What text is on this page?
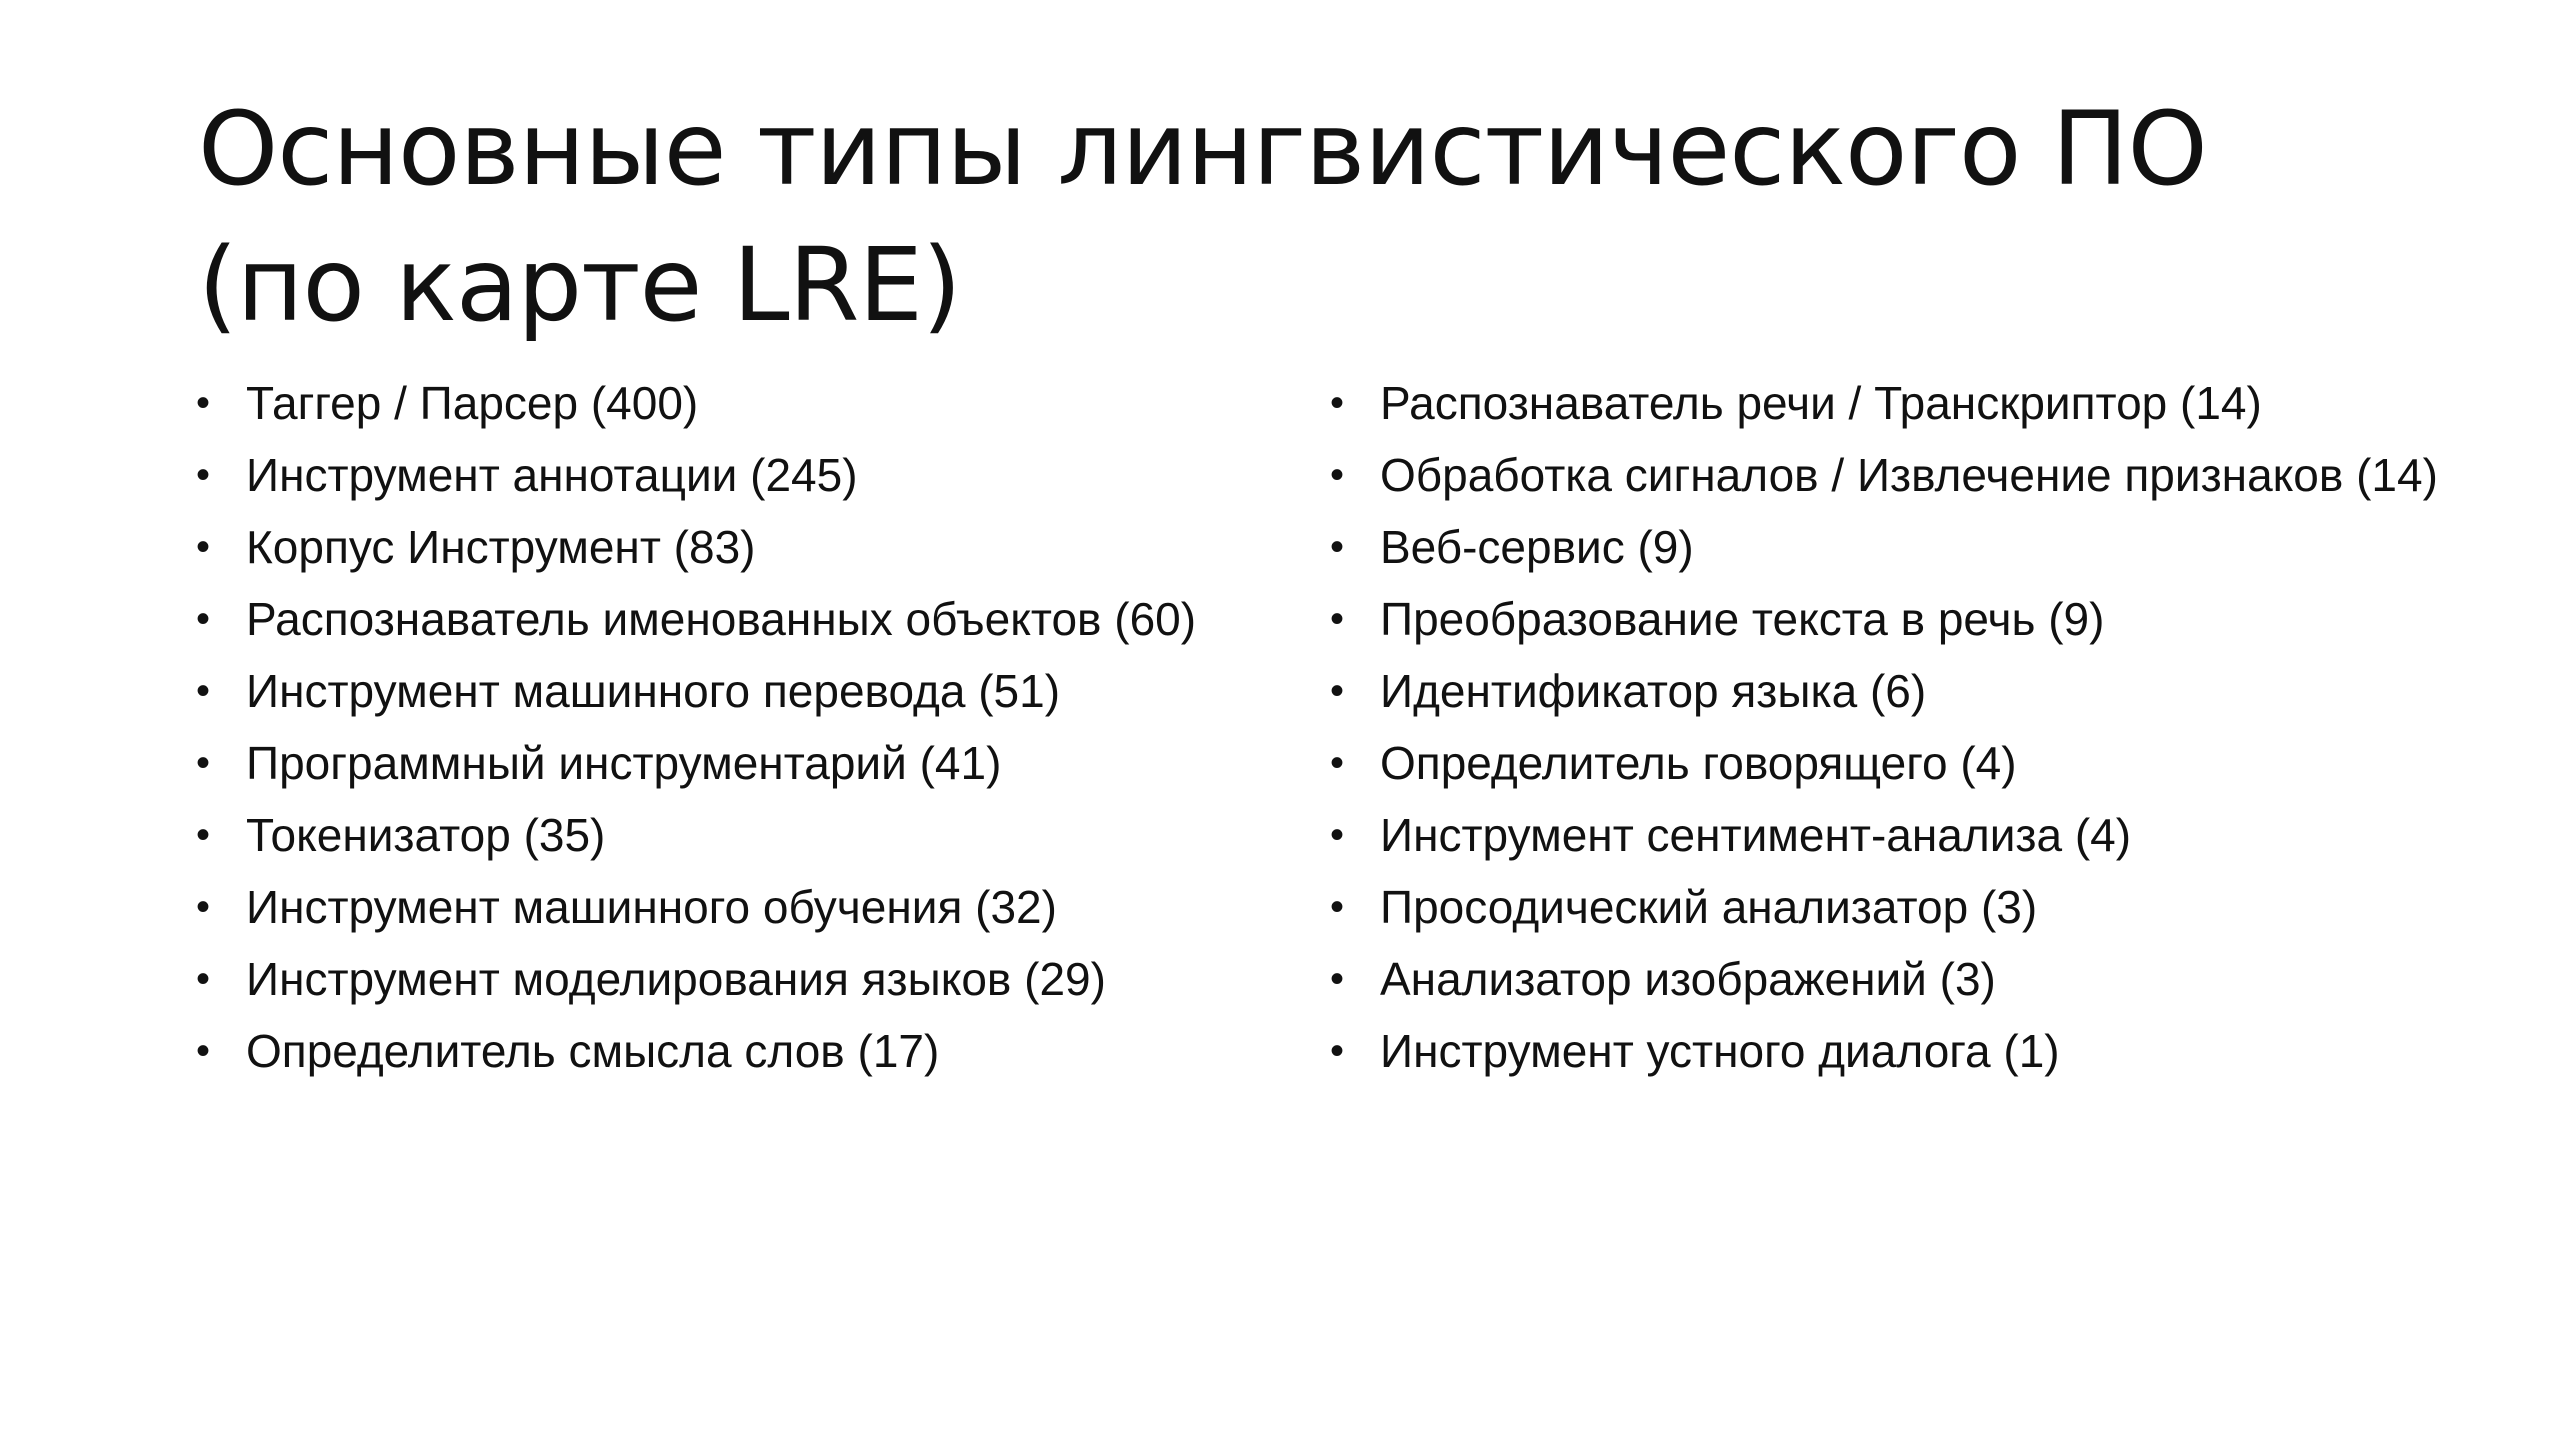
Основные типы лингвистического ПО (по карте LRE)
• Таггер / Парсер (400)
• Инструмент аннотации (245)
• Корпус Инструмент (83)
• Распознаватель именованных объектов (60)
• Инструмент машинного перевода (51)
• Программный инструментарий (41)
• Токенизатор (35)
• Инструмент машинного обучения (32)
• Инструмент моделирования языков (29)
• Определитель смысла слов (17)
• Распознаватель речи / Транскриптор (14)
• Обработка сигналов / Извлечение признаков (14)
• Веб-сервис (9)
• Преобразование текста в речь (9)
• Идентификатор языка (6)
• Определитель говорящего (4)
• Инструмент сентимент-анализа (4)
• Просодический анализатор (3)
• Анализатор изображений (3)
• Инструмент устного диалога (1)
